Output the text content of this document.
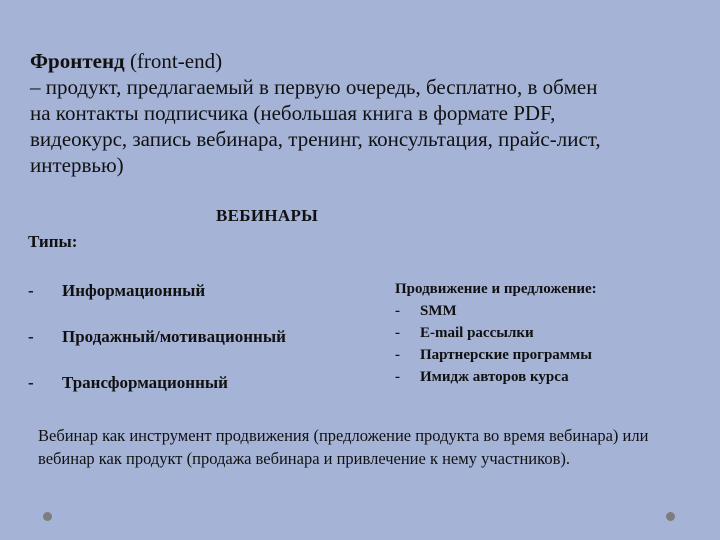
Фронтенд (front-end)
– продукт, предлагаемый в первую очередь, бесплатно, в обмен
на контакты подписчика (небольшая книга в формате PDF,
видеокурс, запись вебинара, тренинг, консультация, прайс-лист,
интервью)
ВЕБИНАРЫ
Типы:
-	Информационный
-	Продажный/мотивационный
-	Трансформационный
Продвижение и предложение:
-	SMM
-	E-mail рассылки
-	Партнерские программы
-	Имидж авторов курса
Вебинар как инструмент продвижения (предложение продукта во время вебинара) или вебинар как продукт (продажа вебинара и привлечение к нему участников).
